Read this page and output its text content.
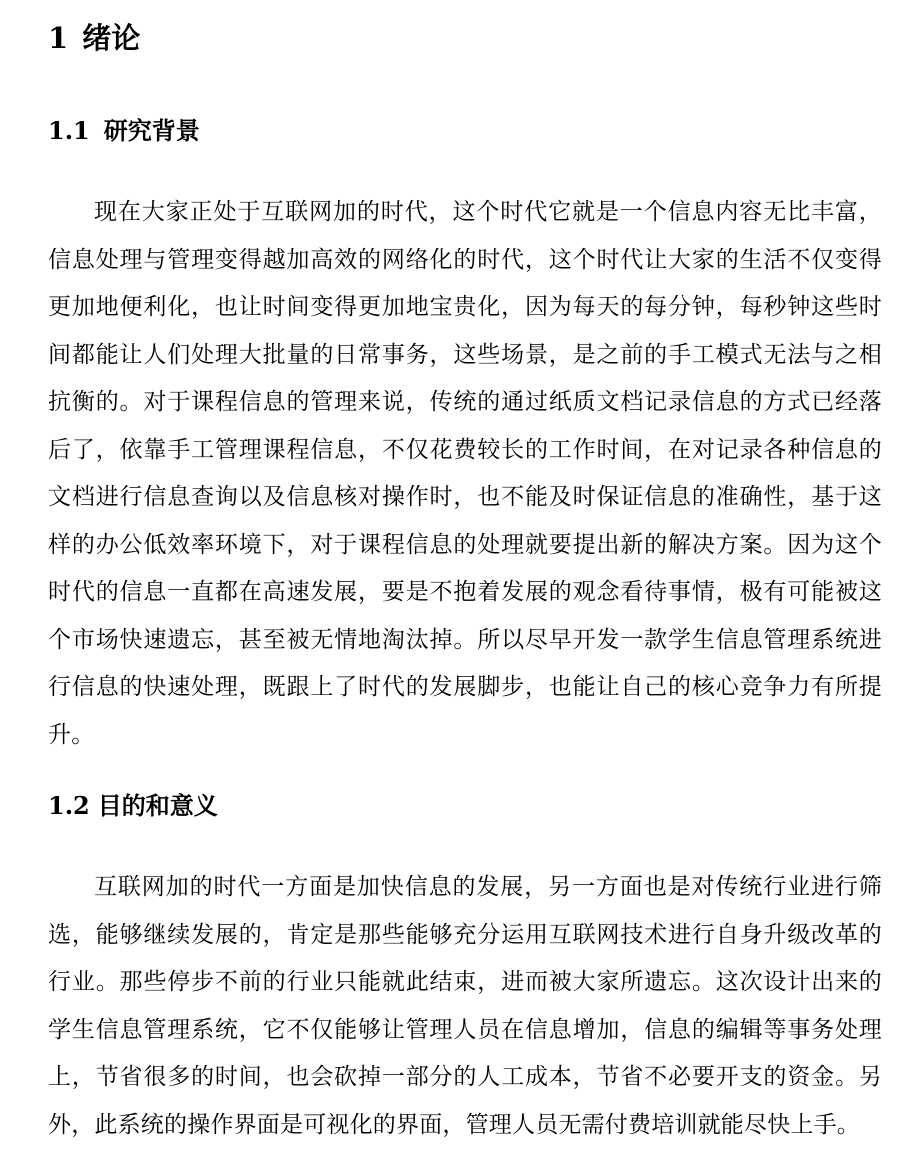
1 绪论
1.1 研究背景
现在大家正处于互联网加的时代，这个时代它就是一个信息内容无比丰富，信息处理与管理变得越加高效的网络化的时代，这个时代让大家的生活不仅变得更加地便利化，也让时间变得更加地宝贵化，因为每天的每分钟，每秒钟这些时间都能让人们处理大批量的日常事务，这些场景，是之前的手工模式无法与之相抗衡的。对于课程信息的管理来说，传统的通过纸质文档记录信息的方式已经落后了，依靠手工管理课程信息，不仅花费较长的工作时间，在对记录各种信息的文档进行信息查询以及信息核对操作时，也不能及时保证信息的准确性，基于这样的办公低效率环境下，对于课程信息的处理就要提出新的解决方案。因为这个时代的信息一直都在高速发展，要是不抱着发展的观念看待事情，极有可能被这个市场快速遗忘，甚至被无情地淘汰掉。所以尽早开发一款学生信息管理系统进行信息的快速处理，既跟上了时代的发展脚步，也能让自己的核心竞争力有所提升。
1.2 目的和意义
互联网加的时代一方面是加快信息的发展，另一方面也是对传统行业进行筛选，能够继续发展的，肯定是那些能够充分运用互联网技术进行自身升级改革的行业。那些停步不前的行业只能就此结束，进而被大家所遗忘。这次设计出来的学生信息管理系统，它不仅能够让管理人员在信息增加，信息的编辑等事务处理上，节省很多的时间，也会砍掉一部分的人工成本，节省不必要开支的资金。另外，此系统的操作界面是可视化的界面，管理人员无需付费培训就能尽快上手。
